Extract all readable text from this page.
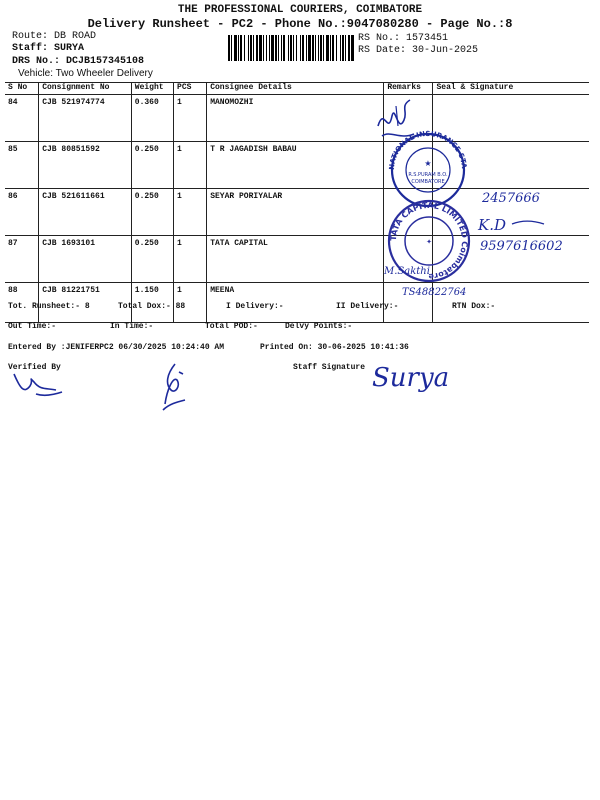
THE PROFESSIONAL COURIERS, COIMBATORE
Delivery Runsheet - PC2 - Phone No.:9047080280 - Page No.:8
Route: DB ROAD
Staff: SURYA
DRS No.: DCJB157345108
Vehicle: Two Wheeler Delivery
RS No.: 1573451
RS Date: 30-Jun-2025
S No	Consignment No	Weight	PCS	Consignee Details	Remarks	Seal & Signature
84	CJB 521974774	0.360	1	MANOMOZHI		
85	CJB 80851592	0.250	1	T R JAGADISH BABAU		
86	CJB 521611661	0.250	1	SEYAR PORIYALAR		
87	CJB 1693101	0.250	1	TATA CAPITAL		
88	CJB 81221751	1.150	1	MEENA		
Tot. Runsheet:- 8	Total Dox:- 88	I Delivery:-	II Delivery:-	RTN Dox:-
Out Time:-	In Time:-	Total POD:-	Delvy Points:-
Entered By :JENIFERPC2 06/30/2025 10:24:40 AM	Printed On: 30-06-2025 10:41:36
Verified By	Staff Signature
NATIONAL INSURANCE STAR R.S.PURAM B.O. COIMBATORE
★
R.S.PURAM B.O.
COIMBATORE
TATA CAPITAL LIMITED Coimbatore
✦
2457666
K.D
9597616602
M.Sakthi
TS48822764
Surya
